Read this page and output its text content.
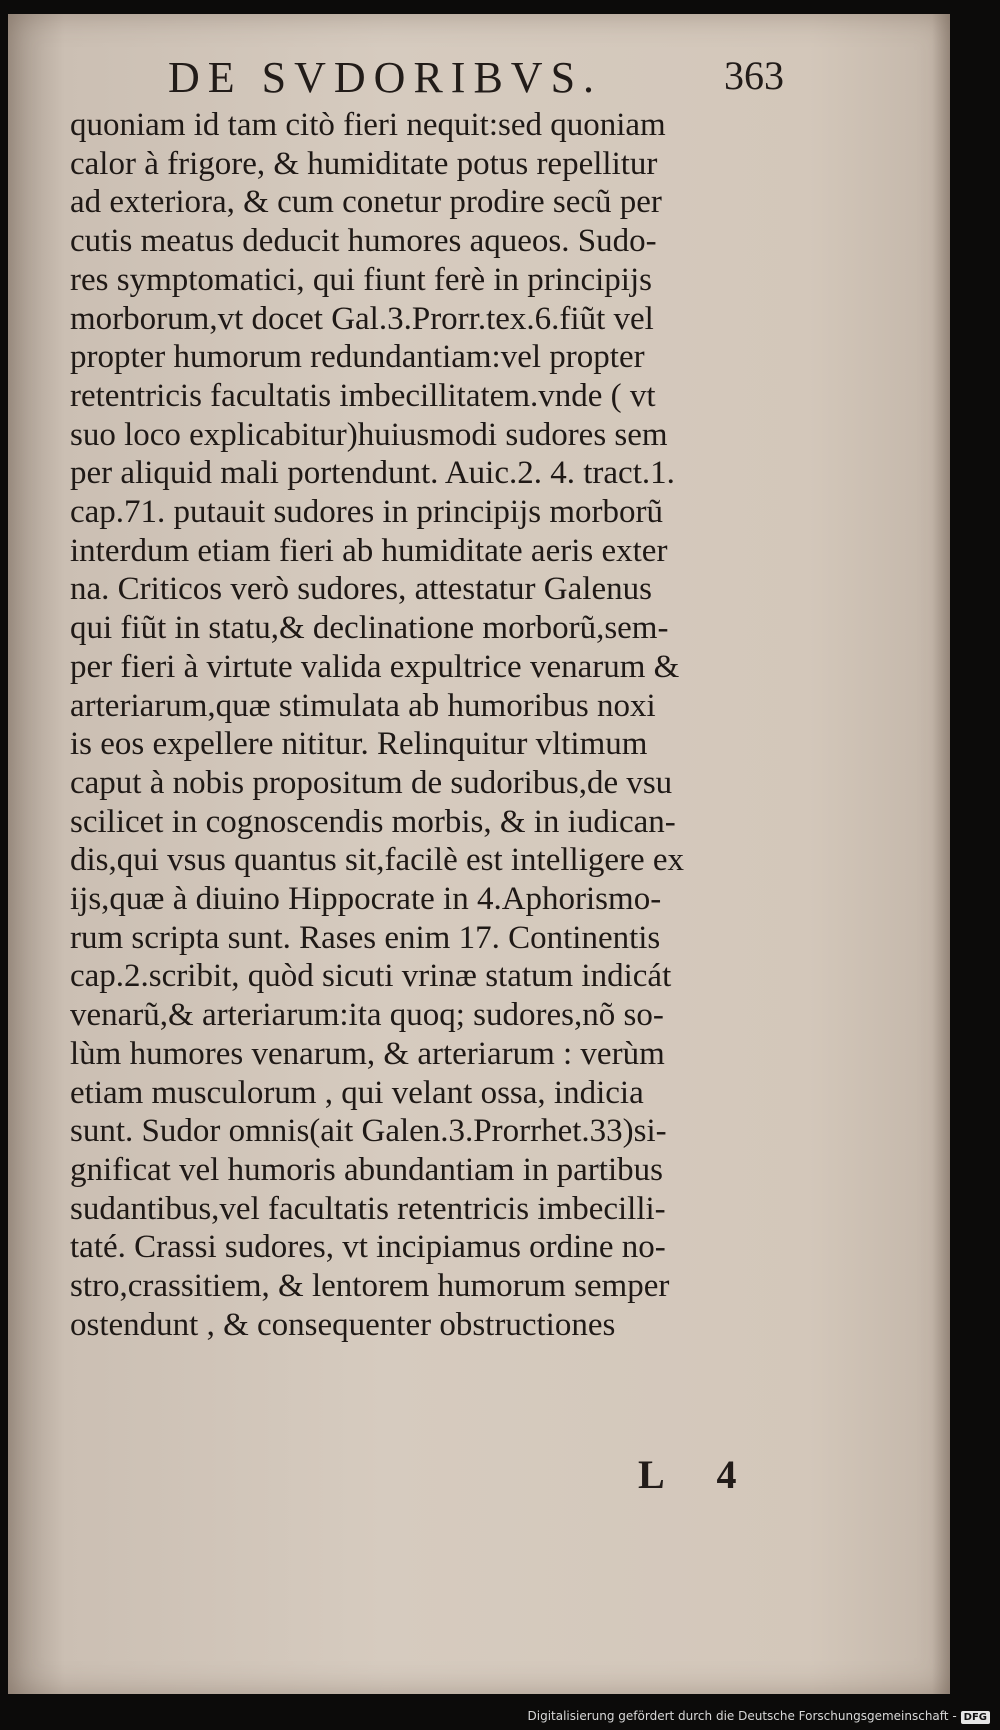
DE SVDORIBVS.	363
quoniam id tam citò fieri nequit:sed quoniam
calor à frigore, & humiditate potus repellitur
ad exteriora, & cum conetur prodire secũ per
cutis meatus deducit humores aqueos. Sudo-
res symptomatici, qui fiunt ferè in principijs
morborum,vt docet Gal.3.Prorr.tex.6.fiũt vel
propter humorum redundantiam:vel propter
retentricis facultatis imbecillitatem.vnde ( vt
suo loco explicabitur)huiusmodi sudores sem
per aliquid mali portendunt. Auic.2. 4. tract.1.
cap.71. putauit sudores in principijs morborũ
interdum etiam fieri ab humiditate aeris exter
na. Criticos verò sudores, attestatur Galenus
qui fiũt in statu,& declinatione morborũ,sem-
per fieri à virtute valida expultrice venarum &
arteriarum,quæ stimulata ab humoribus noxi
is eos expellere nititur. Relinquitur vltimum
caput à nobis propositum de sudoribus,de vsu
scilicet in cognoscendis morbis, & in iudican-
dis,qui vsus quantus sit,facilè est intelligere ex
ijs,quæ à diuino Hippocrate in 4.Aphorismo-
rum scripta sunt. Rases enim 17. Continentis
cap.2.scribit, quòd sicuti vrinæ statum indicát
venarũ,& arteriarum:ita quoq; sudores,nõ so-
lùm humores venarum, & arteriarum : verùm
etiam musculorum , qui velant ossa, indicia
sunt. Sudor omnis(ait Galen.3.Prorrhet.33)si-
gnificat vel humoris abundantiam in partibus
sudantibus,vel facultatis retentricis imbecilli-
taté. Crassi sudores, vt incipiamus ordine no-
stro,crassitiem, & lentorem humorum semper
ostendunt , & consequenter obstructiones
L 4
Digitalisierung gefördert durch die Deutsche Forschungsgemeinschaft - DFG
